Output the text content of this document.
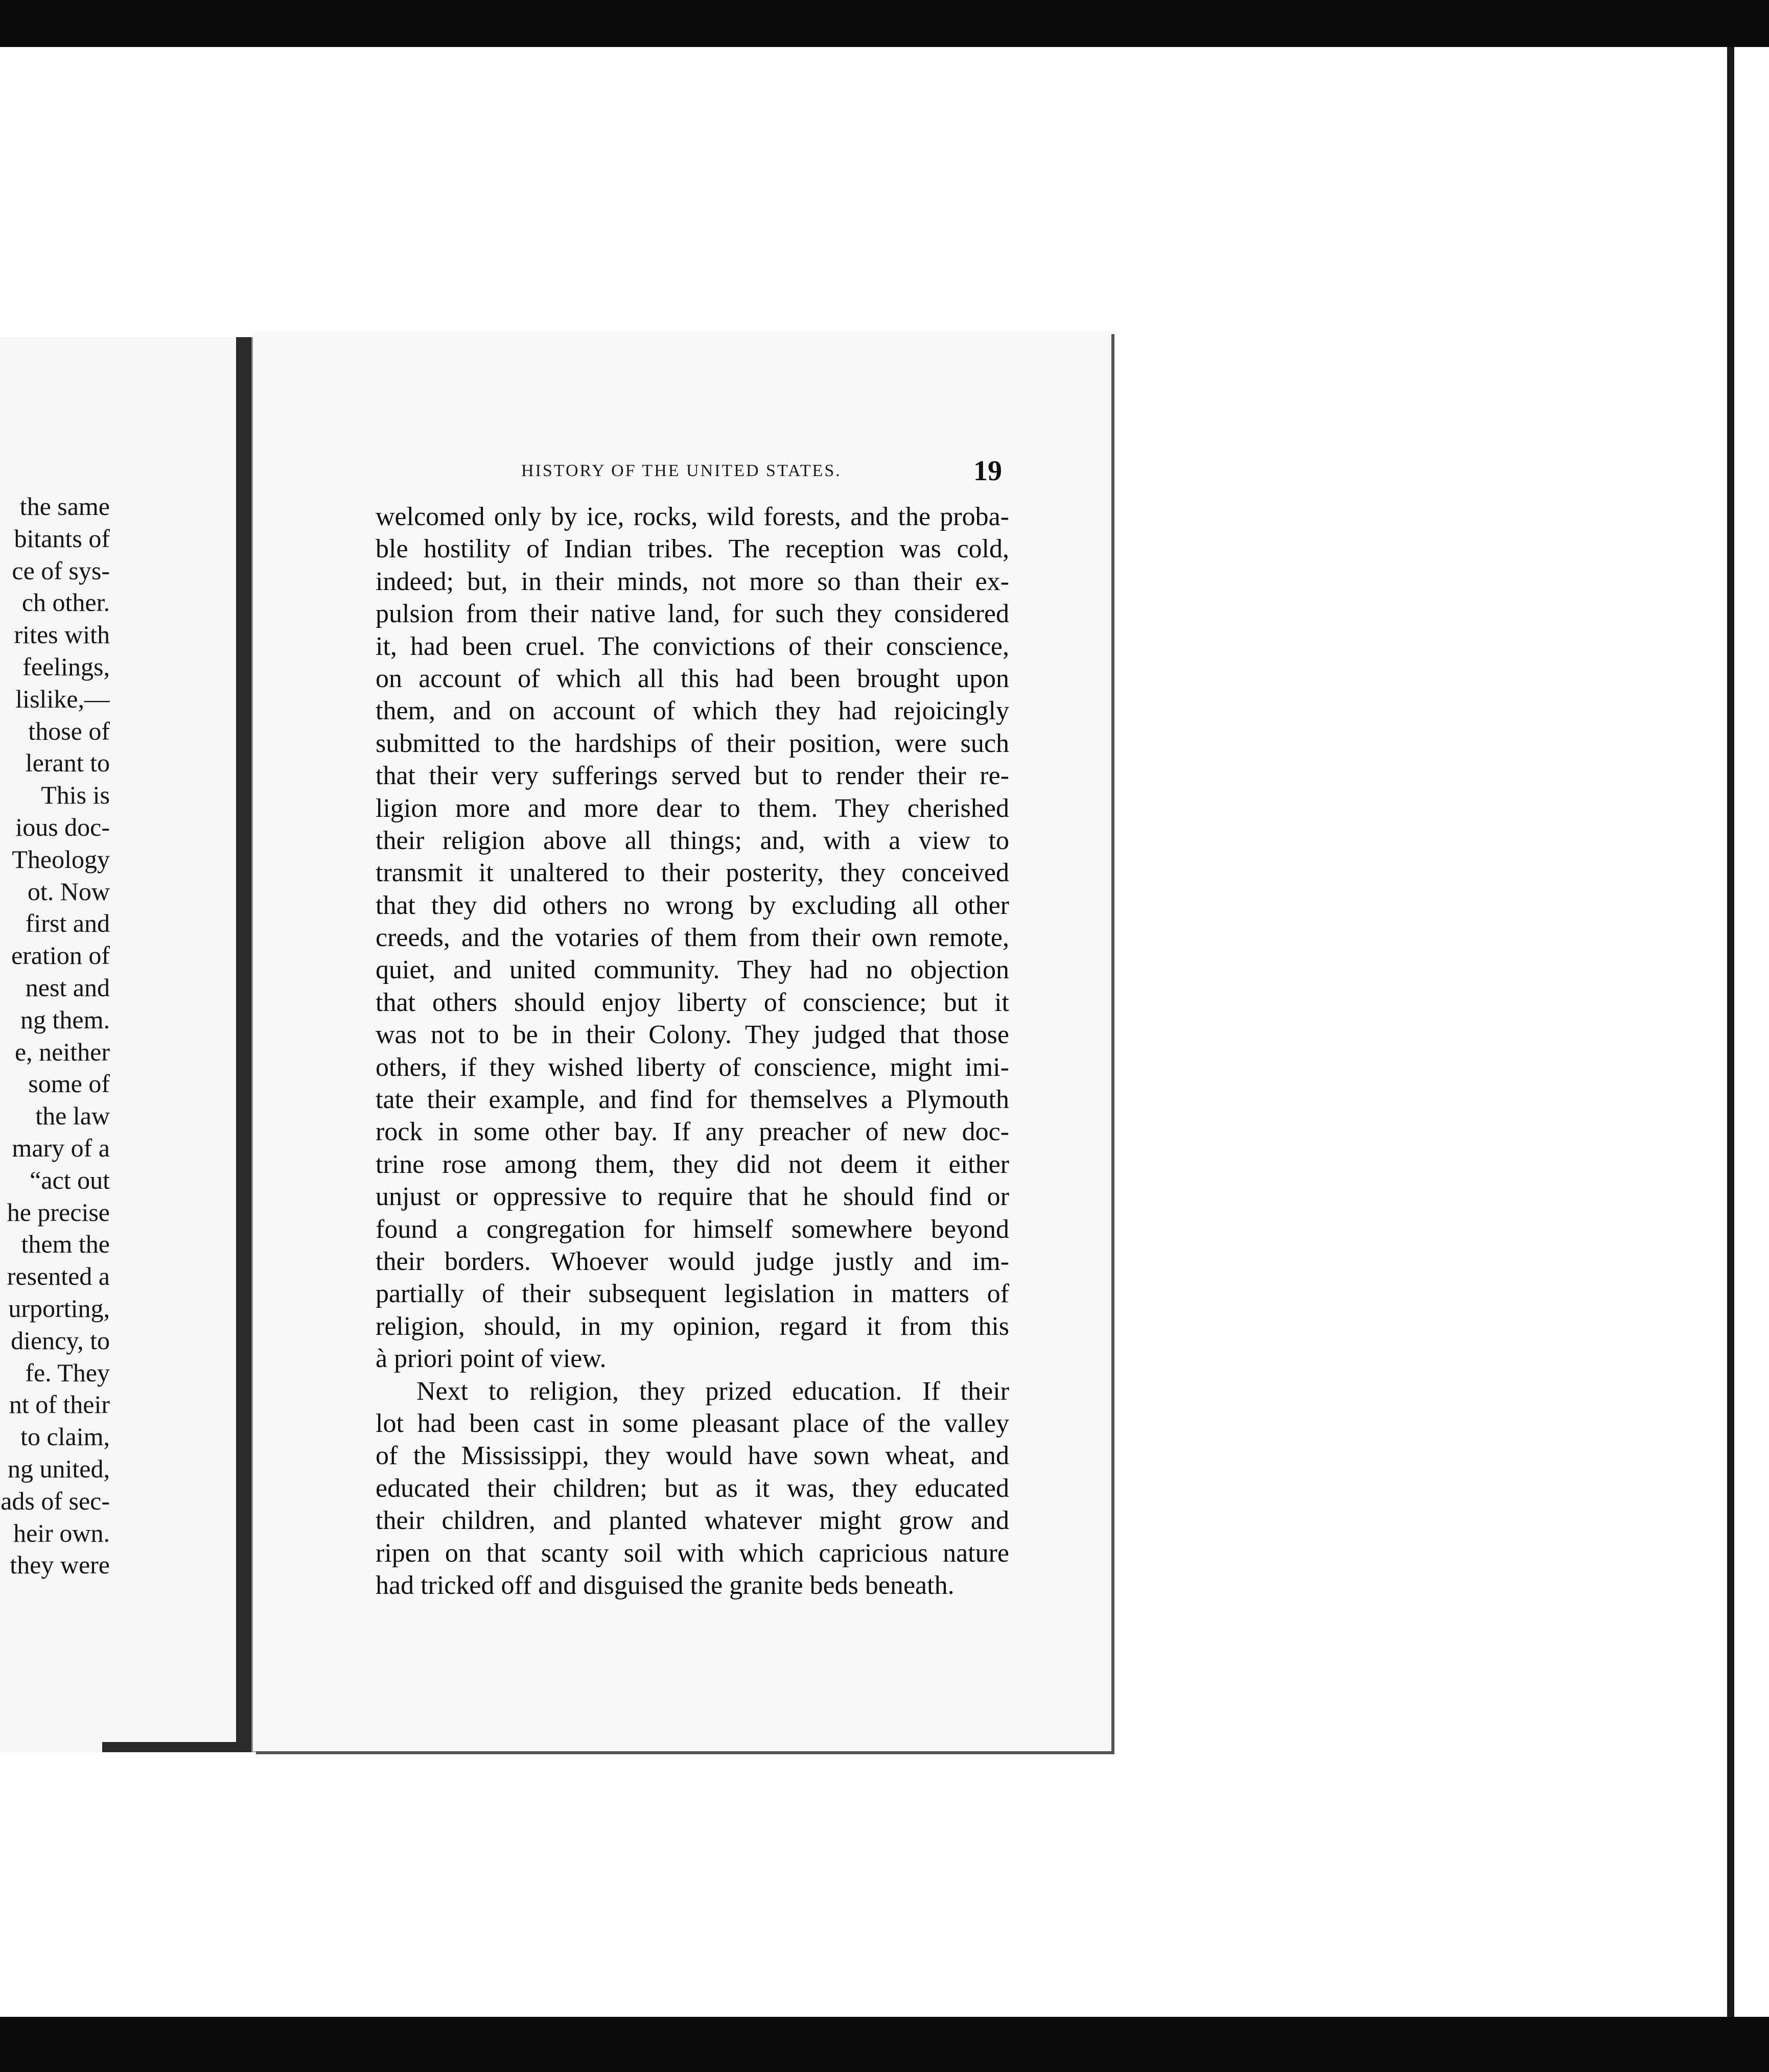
the same
bitants of
ce of sys-
ch other.
rites with
feelings,
lislike,—
those of
lerant to
This is
ious doc-
Theology
ot. Now
first and
eration of
nest and
ng them.
e, neither
some of
the law
mary of a
“act out
he precise
them the
resented a
urporting,
diency, to
fe. They
nt of their
to claim,
ng united,
ads of sec-
heir own.
they were
HISTORY OF THE UNITED STATES.	19
welcomed only by ice, rocks, wild forests, and the proba-
ble hostility of Indian tribes. The reception was cold,
indeed; but, in their minds, not more so than their ex-
pulsion from their native land, for such they considered
it, had been cruel. The convictions of their conscience,
on account of which all this had been brought upon
them, and on account of which they had rejoicingly
submitted to the hardships of their position, were such
that their very sufferings served but to render their re-
ligion more and more dear to them. They cherished
their religion above all things; and, with a view to
transmit it unaltered to their posterity, they conceived
that they did others no wrong by excluding all other
creeds, and the votaries of them from their own remote,
quiet, and united community. They had no objection
that others should enjoy liberty of conscience; but it
was not to be in their Colony. They judged that those
others, if they wished liberty of conscience, might imi-
tate their example, and find for themselves a Plymouth
rock in some other bay. If any preacher of new doc-
trine rose among them, they did not deem it either
unjust or oppressive to require that he should find or
found a congregation for himself somewhere beyond
their borders. Whoever would judge justly and im-
partially of their subsequent legislation in matters of
religion, should, in my opinion, regard it from this
à priori point of view.
Next to religion, they prized education. If their
lot had been cast in some pleasant place of the valley
of the Mississippi, they would have sown wheat, and
educated their children; but as it was, they educated
their children, and planted whatever might grow and
ripen on that scanty soil with which capricious nature
had tricked off and disguised the granite beds beneath.
